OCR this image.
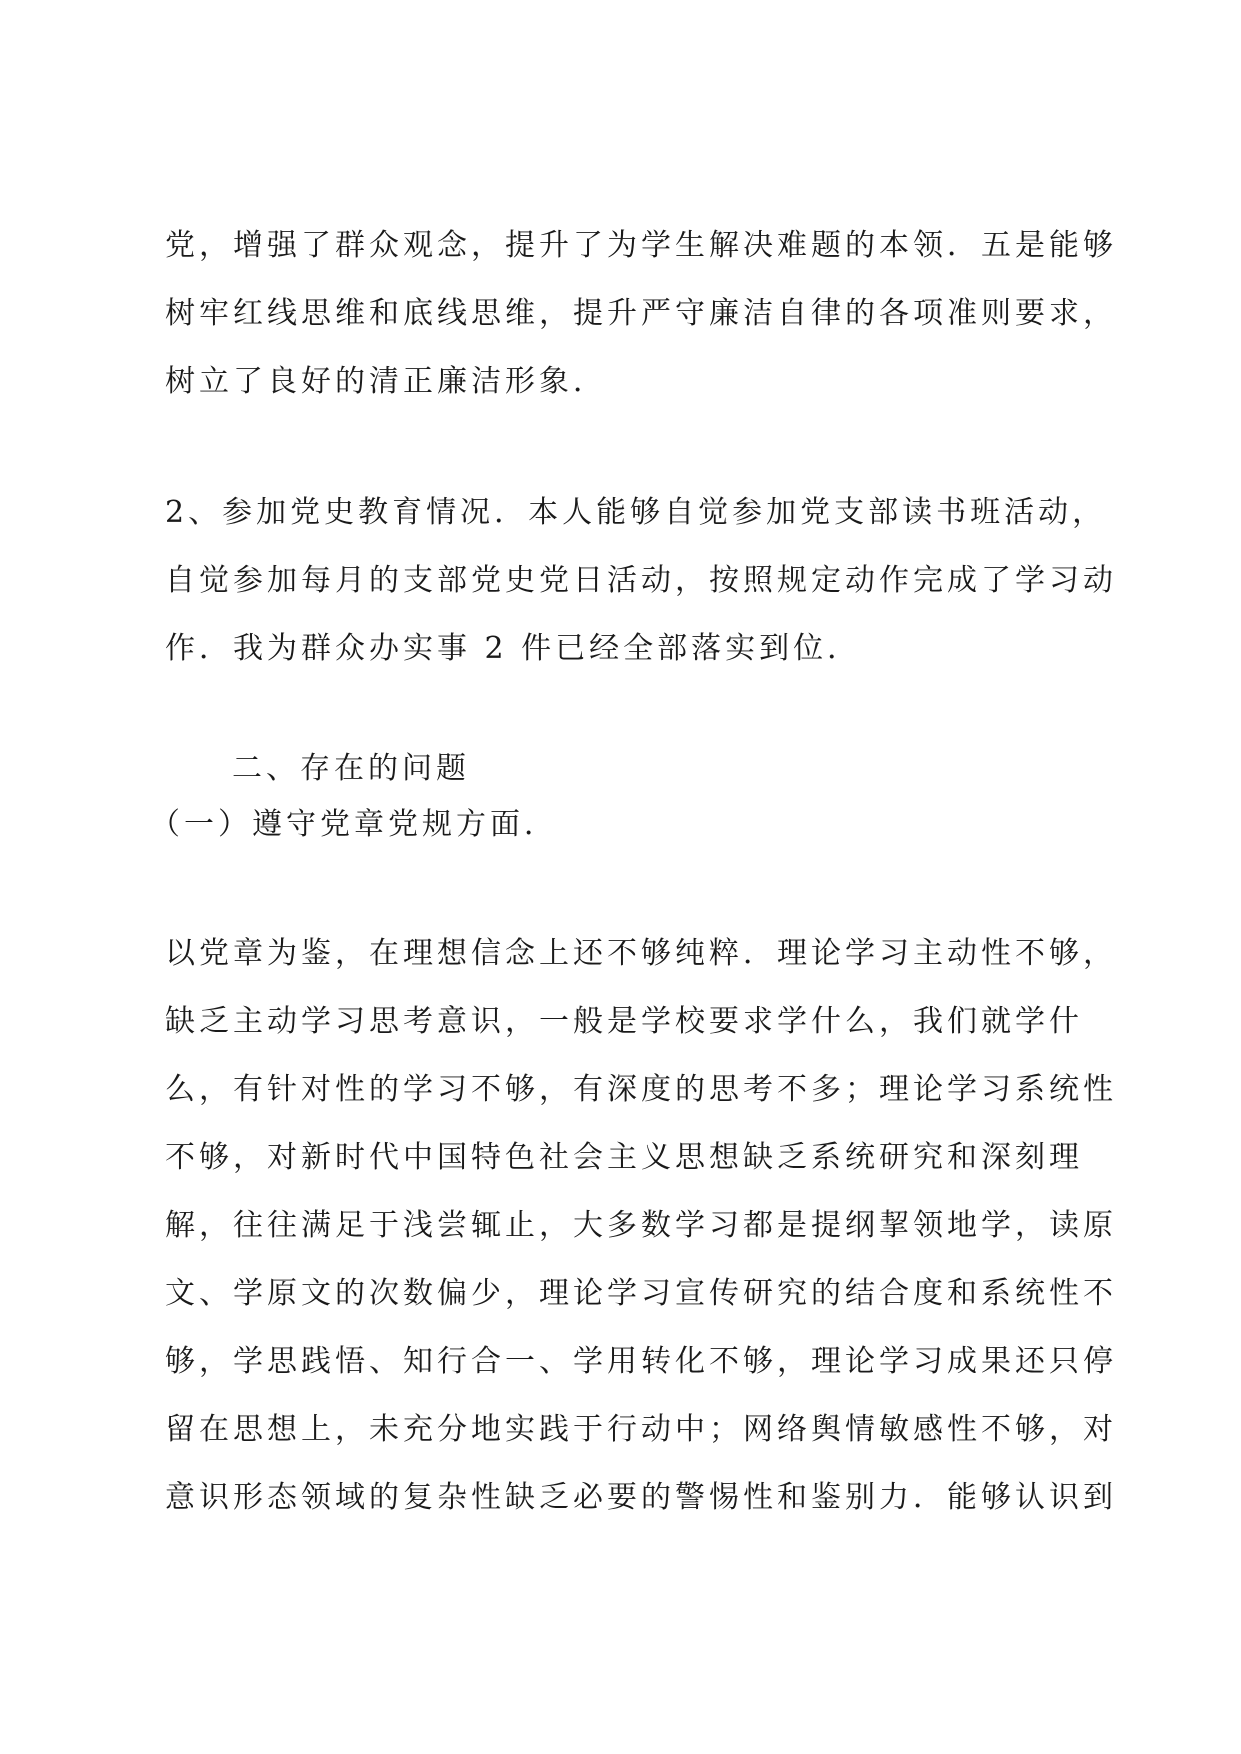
党，增强了群众观念，提升了为学生解决难题的本领．五是能够
树牢红线思维和底线思维，提升严守廉洁自律的各项准则要求，
树立了良好的清正廉洁形象．
2、参加党史教育情况．本人能够自觉参加党支部读书班活动，
自觉参加每月的支部党史党日活动，按照规定动作完成了学习动
作．我为群众办实事 2 件已经全部落实到位．
二、存在的问题
（一）遵守党章党规方面．
以党章为鉴，在理想信念上还不够纯粹．理论学习主动性不够，
缺乏主动学习思考意识，一般是学校要求学什么，我们就学什
么，有针对性的学习不够，有深度的思考不多；理论学习系统性
不够，对新时代中国特色社会主义思想缺乏系统研究和深刻理
解，往往满足于浅尝辄止，大多数学习都是提纲挈领地学，读原
文、学原文的次数偏少，理论学习宣传研究的结合度和系统性不
够，学思践悟、知行合一、学用转化不够，理论学习成果还只停
留在思想上，未充分地实践于行动中；网络舆情敏感性不够，对
意识形态领域的复杂性缺乏必要的警惕性和鉴别力．能够认识到
